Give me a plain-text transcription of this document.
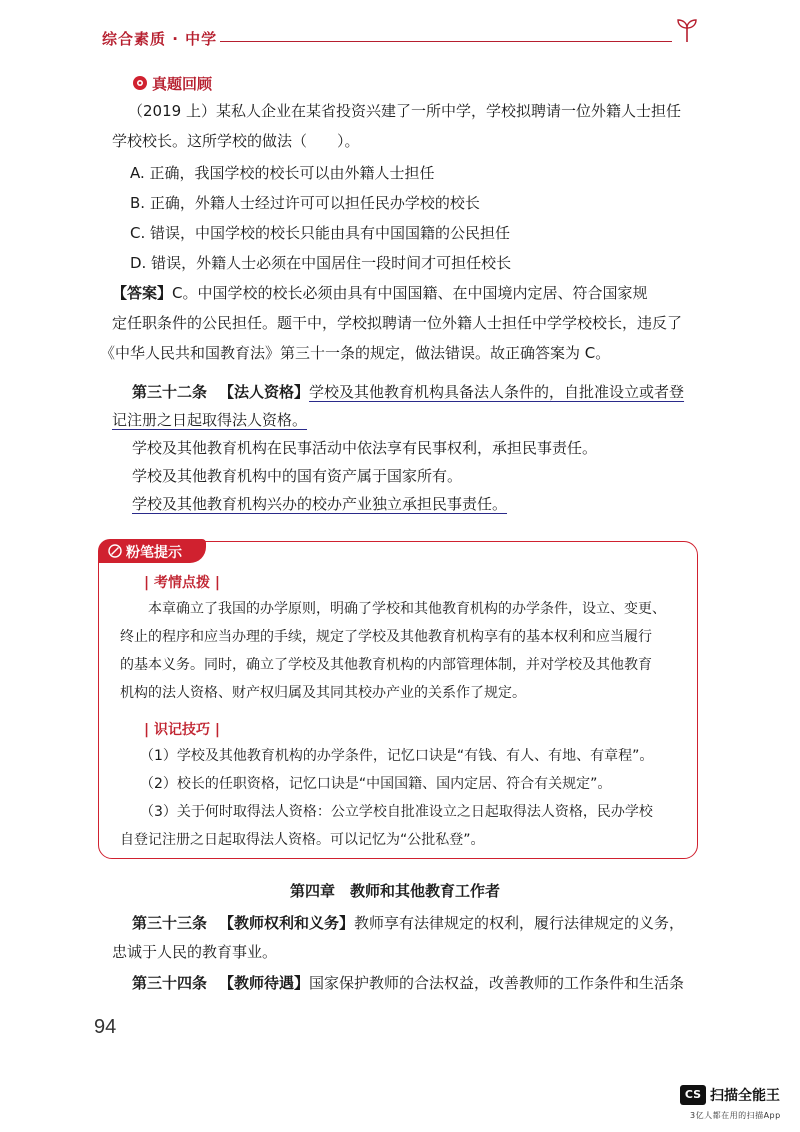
综合素质 · 中学
真题回顾
（2019 上）某私人企业在某省投资兴建了一所中学，学校拟聘请一位外籍人士担任
学校校长。这所学校的做法（　　）。
A. 正确，我国学校的校长可以由外籍人士担任
B. 正确，外籍人士经过许可可以担任民办学校的校长
C. 错误，中国学校的校长只能由具有中国国籍的公民担任
D. 错误，外籍人士必须在中国居住一段时间才可担任校长
【答案】C。中国学校的校长必须由具有中国国籍、在中国境内定居、符合国家规
定任职条件的公民担任。题干中，学校拟聘请一位外籍人士担任中学学校校长，违反了
《中华人民共和国教育法》第三十一条的规定，做法错误。故正确答案为 C。
第三十二条 【法人资格】学校及其他教育机构具备法人条件的，自批准设立或者登
记注册之日起取得法人资格。
学校及其他教育机构在民事活动中依法享有民事权利，承担民事责任。
学校及其他教育机构中的国有资产属于国家所有。
学校及其他教育机构兴办的校办产业独立承担民事责任。
粉笔提示
| 考情点拨 |
本章确立了我国的办学原则，明确了学校和其他教育机构的办学条件，设立、变更、
终止的程序和应当办理的手续，规定了学校及其他教育机构享有的基本权利和应当履行
的基本义务。同时，确立了学校及其他教育机构的内部管理体制，并对学校及其他教育
机构的法人资格、财产权归属及其同其校办产业的关系作了规定。
| 识记技巧 |
（1）学校及其他教育机构的办学条件，记忆口诀是“有钱、有人、有地、有章程”。
（2）校长的任职资格，记忆口诀是“中国国籍、国内定居、符合有关规定”。
（3）关于何时取得法人资格：公立学校自批准设立之日起取得法人资格，民办学校
自登记注册之日起取得法人资格。可以记忆为“公批私登”。
第四章　教师和其他教育工作者
第三十三条 【教师权利和义务】教师享有法律规定的权利，履行法律规定的义务，
忠诚于人民的教育事业。
第三十四条 【教师待遇】国家保护教师的合法权益，改善教师的工作条件和生活条
94
CS 扫描全能王
3亿人都在用的扫描App
